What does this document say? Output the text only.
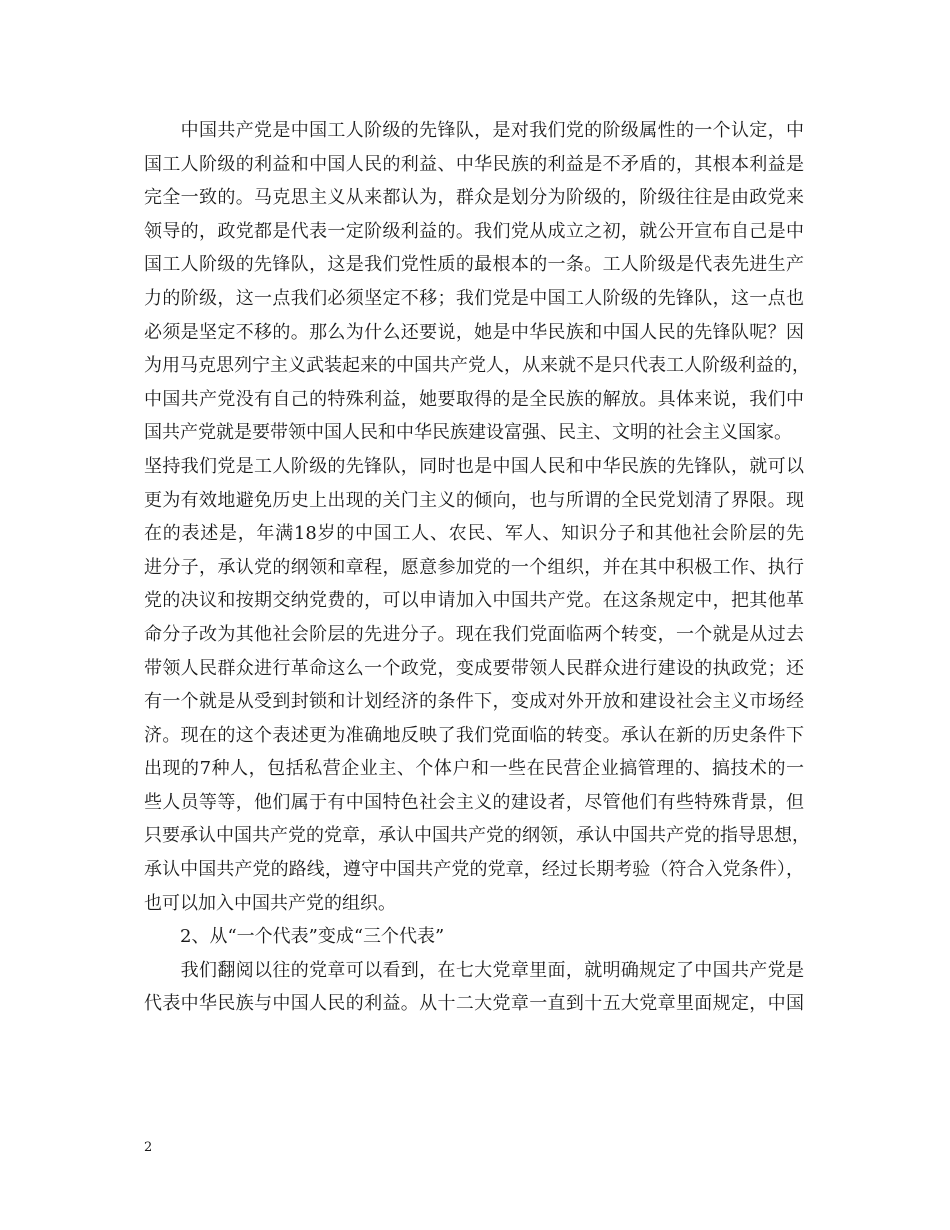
　　中国共产党是中国工人阶级的先锋队，是对我们党的阶级属性的一个认定，中
国工人阶级的利益和中国人民的利益、中华民族的利益是不矛盾的，其根本利益是
完全一致的。马克思主义从来都认为，群众是划分为阶级的，阶级往往是由政党来
领导的，政党都是代表一定阶级利益的。我们党从成立之初，就公开宣布自己是中
国工人阶级的先锋队，这是我们党性质的最根本的一条。工人阶级是代表先进生产
力的阶级，这一点我们必须坚定不移；我们党是中国工人阶级的先锋队，这一点也
必须是坚定不移的。那么为什么还要说，她是中华民族和中国人民的先锋队呢？因
为用马克思列宁主义武装起来的中国共产党人，从来就不是只代表工人阶级利益的，
中国共产党没有自己的特殊利益，她要取得的是全民族的解放。具体来说，我们中
国共产党就是要带领中国人民和中华民族建设富强、民主、文明的社会主义国家。
坚持我们党是工人阶级的先锋队，同时也是中国人民和中华民族的先锋队，就可以
更为有效地避免历史上出现的关门主义的倾向，也与所谓的全民党划清了界限。现
在的表述是，年满18岁的中国工人、农民、军人、知识分子和其他社会阶层的先
进分子，承认党的纲领和章程，愿意参加党的一个组织，并在其中积极工作、执行
党的决议和按期交纳党费的，可以申请加入中国共产党。在这条规定中，把其他革
命分子改为其他社会阶层的先进分子。现在我们党面临两个转变，一个就是从过去
带领人民群众进行革命这么一个政党，变成要带领人民群众进行建设的执政党；还
有一个就是从受到封锁和计划经济的条件下，变成对外开放和建设社会主义市场经
济。现在的这个表述更为准确地反映了我们党面临的转变。承认在新的历史条件下
出现的7种人，包括私营企业主、个体户和一些在民营企业搞管理的、搞技术的一
些人员等等，他们属于有中国特色社会主义的建设者，尽管他们有些特殊背景，但
只要承认中国共产党的党章，承认中国共产党的纲领，承认中国共产党的指导思想，
承认中国共产党的路线，遵守中国共产党的党章，经过长期考验（符合入党条件），
也可以加入中国共产党的组织。
　　2、从“一个代表”变成“三个代表”
　　我们翻阅以往的党章可以看到，在七大党章里面，就明确规定了中国共产党是
代表中华民族与中国人民的利益。从十二大党章一直到十五大党章里面规定，中国
2
